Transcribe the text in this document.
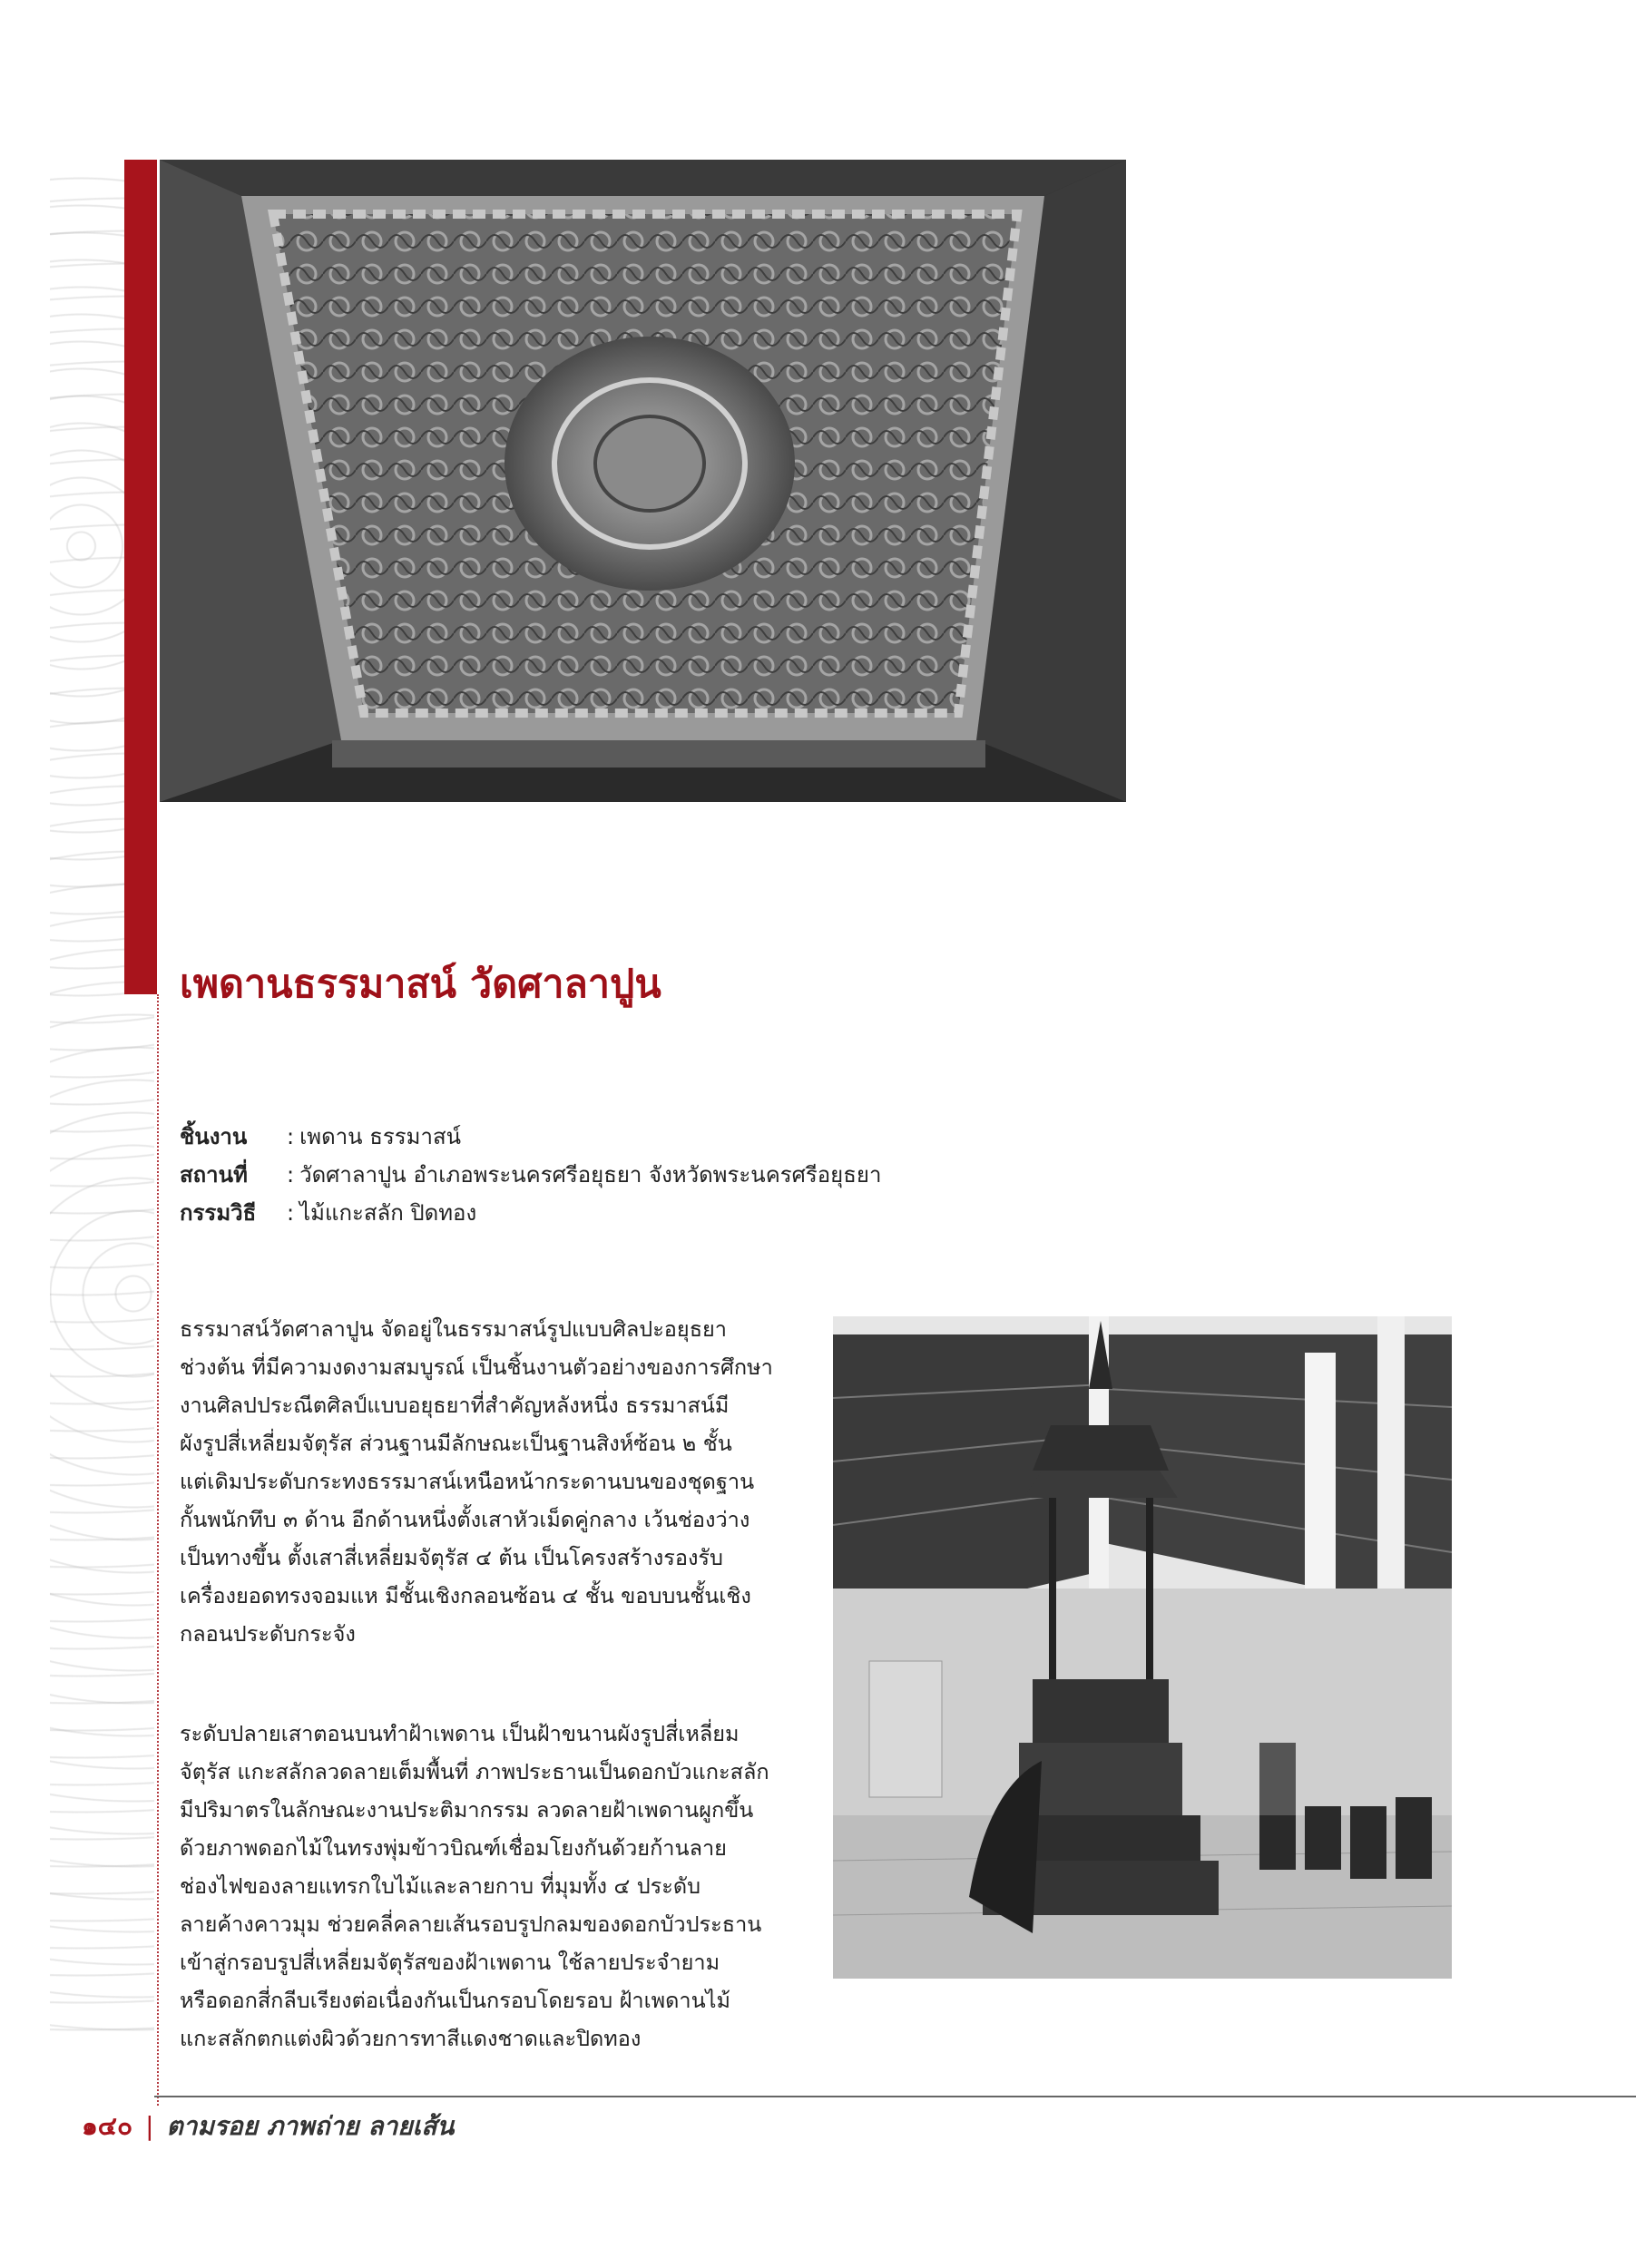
เพดานธรรมาสน์ วัดศาลาปูน
ชิ้นงาน : เพดาน ธรรมาสน์
สถานที่ : วัดศาลาปูน อำเภอพระนครศรีอยุธยา จังหวัดพระนครศรีอยุธยา
กรรมวิธี : ไม้แกะสลัก ปิดทอง
ธรรมาสน์วัดศาลาปูน จัดอยู่ในธรรมาสน์รูปแบบศิลปะอยุธยา
ช่วงต้น ที่มีความงดงามสมบูรณ์ เป็นชิ้นงานตัวอย่างของการศึกษา
งานศิลปประณีตศิลป์แบบอยุธยาที่สำคัญหลังหนึ่ง ธรรมาสน์มี
ผังรูปสี่เหลี่ยมจัตุรัส ส่วนฐานมีลักษณะเป็นฐานสิงห์ซ้อน ๒ ชั้น
แต่เดิมประดับกระทงธรรมาสน์เหนือหน้ากระดานบนของชุดฐาน
กั้นพนักทึบ ๓ ด้าน อีกด้านหนึ่งตั้งเสาหัวเม็ดคู่กลาง เว้นช่องว่าง
เป็นทางขึ้น ตั้งเสาสี่เหลี่ยมจัตุรัส ๔ ต้น เป็นโครงสร้างรองรับ
เครื่องยอดทรงจอมแห มีชั้นเชิงกลอนซ้อน ๔ ชั้น ขอบบนชั้นเชิง
กลอนประดับกระจัง
ระดับปลายเสาตอนบนทำฝ้าเพดาน เป็นฝ้าขนานผังรูปสี่เหลี่ยม
จัตุรัส แกะสลักลวดลายเต็มพื้นที่ ภาพประธานเป็นดอกบัวแกะสลัก
มีปริมาตรในลักษณะงานประติมากรรม ลวดลายฝ้าเพดานผูกขึ้น
ด้วยภาพดอกไม้ในทรงพุ่มข้าวบิณฑ์เชื่อมโยงกันด้วยก้านลาย
ช่องไฟของลายแทรกใบไม้และลายกาบ ที่มุมทั้ง ๔ ประดับ
ลายค้างคาวมุม ช่วยคลี่คลายเส้นรอบรูปกลมของดอกบัวประธาน
เข้าสู่กรอบรูปสี่เหลี่ยมจัตุรัสของฝ้าเพดาน ใช้ลายประจำยาม
หรือดอกสี่กลีบเรียงต่อเนื่องกันเป็นกรอบโดยรอบ ฝ้าเพดานไม้
แกะสลักตกแต่งผิวด้วยการทาสีแดงชาดและปิดทอง
๑๔๐ | ตามรอย ภาพถ่าย ลายเส้น
